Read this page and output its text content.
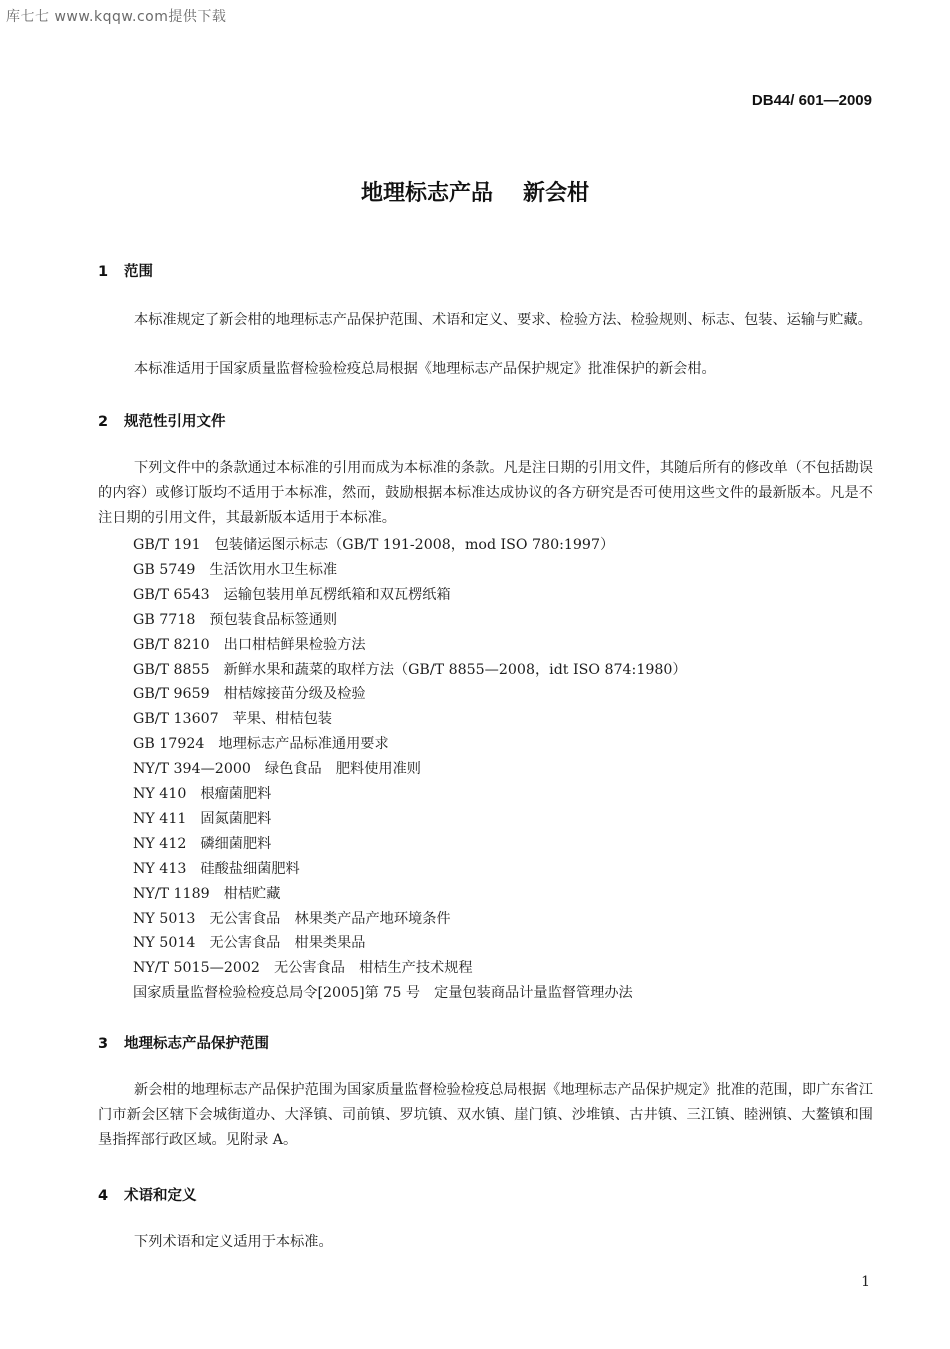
库七七 www.kqqw.com提供下载
DB44/ 601—2009
地理标志产品 新会柑
1 范围
本标准规定了新会柑的地理标志产品保护范围、术语和定义、要求、检验方法、检验规则、标志、包装、运输与贮藏。
本标准适用于国家质量监督检验检疫总局根据《地理标志产品保护规定》批准保护的新会柑。
2 规范性引用文件
下列文件中的条款通过本标准的引用而成为本标准的条款。凡是注日期的引用文件，其随后所有的修改单（不包括勘误的内容）或修订版均不适用于本标准，然而，鼓励根据本标准达成协议的各方研究是否可使用这些文件的最新版本。凡是不注日期的引用文件，其最新版本适用于本标准。
GB/T 191 包装储运图示标志（GB/T 191-2008，mod ISO 780:1997）
GB 5749 生活饮用水卫生标准
GB/T 6543 运输包装用单瓦楞纸箱和双瓦楞纸箱
GB 7718 预包装食品标签通则
GB/T 8210 出口柑桔鲜果检验方法
GB/T 8855 新鲜水果和蔬菜的取样方法（GB/T 8855—2008，idt ISO 874:1980）
GB/T 9659 柑桔嫁接苗分级及检验
GB/T 13607 苹果、柑桔包装
GB 17924 地理标志产品标准通用要求
NY/T 394—2000 绿色食品　肥料使用准则
NY 410 根瘤菌肥料
NY 411 固氮菌肥料
NY 412 磷细菌肥料
NY 413 硅酸盐细菌肥料
NY/T 1189 柑桔贮藏
NY 5013 无公害食品　林果类产品产地环境条件
NY 5014 无公害食品　柑果类果品
NY/T 5015—2002 无公害食品　柑桔生产技术规程
国家质量监督检验检疫总局令[2005]第 75 号 定量包装商品计量监督管理办法
3 地理标志产品保护范围
新会柑的地理标志产品保护范围为国家质量监督检验检疫总局根据《地理标志产品保护规定》批准的范围，即广东省江门市新会区辖下会城街道办、大泽镇、司前镇、罗坑镇、双水镇、崖门镇、沙堆镇、古井镇、三江镇、睦洲镇、大鳌镇和围垦指挥部行政区域。见附录 A。
4 术语和定义
下列术语和定义适用于本标准。
1
